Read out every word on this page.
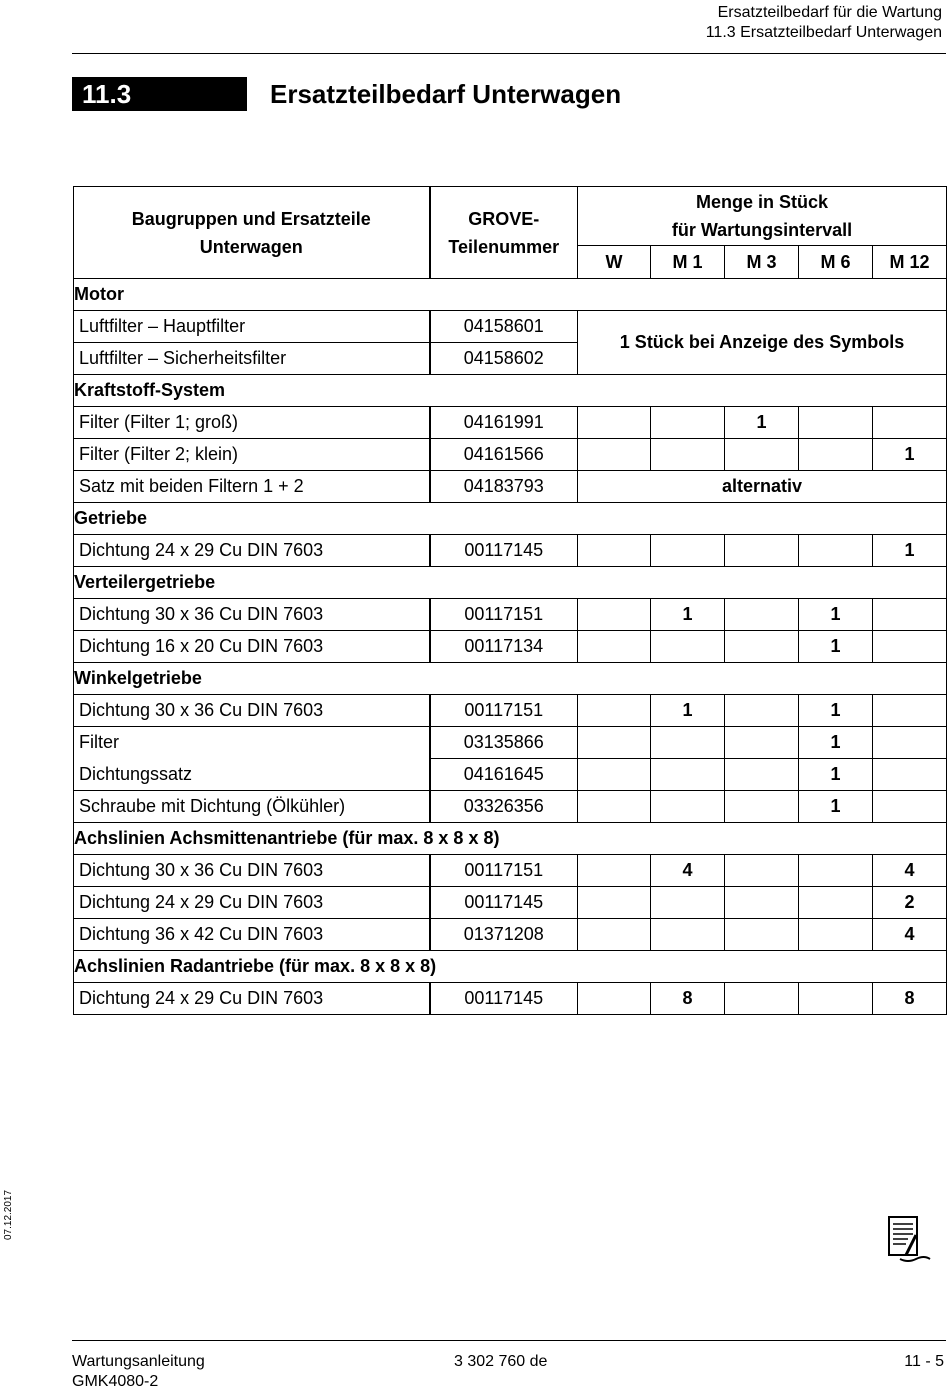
Ersatzteilbedarf für die Wartung
11.3 Ersatzteilbedarf Unterwagen
11.3	Ersatzteilbedarf Unterwagen
Baugruppen und Ersatzteile Unterwagen	GROVE-Teilenummer	Menge in Stück
für Wartungsintervall				
		W	M 1	M 3	M 6	M 12
Motor						
Luftfilter – Hauptfilter	04158601	1 Stück bei Anzeige des Symbols				
Luftfilter – Sicherheitsfilter	04158602					
Kraftstoff-System						
Filter (Filter 1; groß)	04161991			1		
Filter (Filter 2; klein)	04161566					1
Satz mit beiden Filtern 1 + 2	04183793	alternativ				
Getriebe						
Dichtung 24 x 29 Cu DIN 7603	00117145					1
Verteilergetriebe						
Dichtung 30 x 36 Cu DIN 7603	00117151		1		1	
Dichtung 16 x 20 Cu DIN 7603	00117134				1	
Winkelgetriebe						
Dichtung 30 x 36 Cu DIN 7603	00117151		1		1	
Filter	03135866				1	
Dichtungssatz	04161645				1	
Schraube mit Dichtung (Ölkühler)	03326356				1	
Achslinien Achsmittenantriebe (für max. 8 x 8 x 8)						
Dichtung 30 x 36 Cu DIN 7603	00117151		4			4
Dichtung 24 x 29 Cu DIN 7603	00117145					2
Dichtung 36 x 42 Cu DIN 7603	01371208					4
Achslinien Radantriebe (für max. 8 x 8 x 8)						
Dichtung 24 x 29 Cu DIN 7603	00117145		8			8
07.12.2017
Wartungsanleitung
GMK4080-2
3 302 760 de	11 - 5
